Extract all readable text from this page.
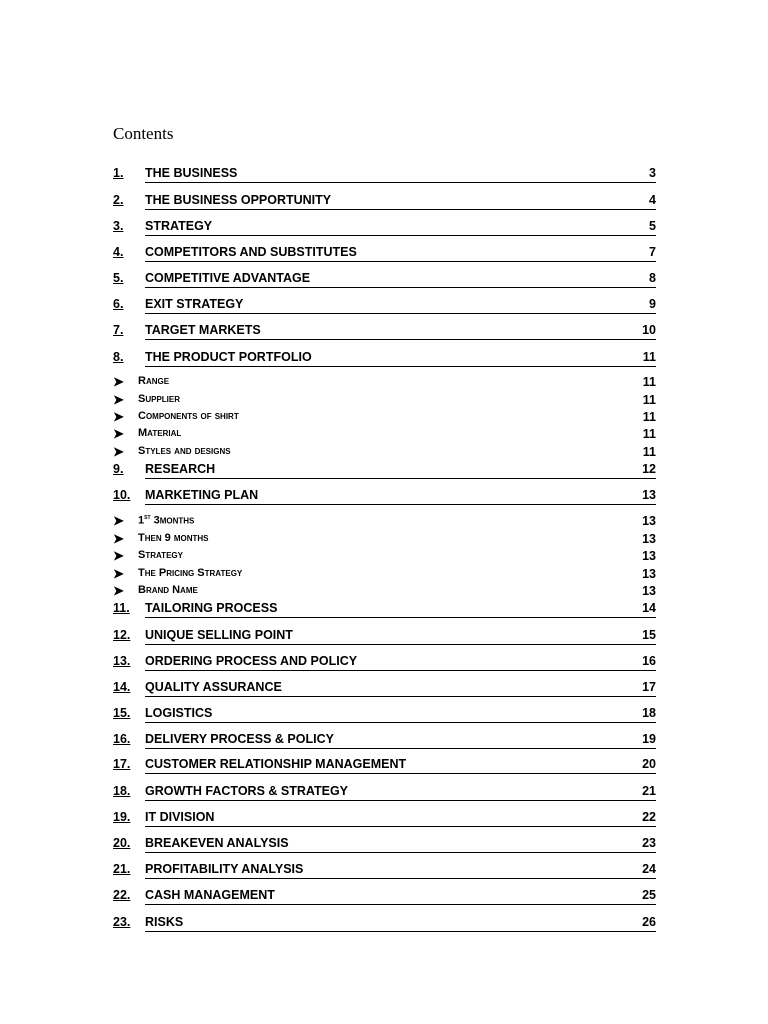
Contents
1. THE BUSINESS	3
2. THE BUSINESS OPPORTUNITY	4
3. STRATEGY	5
4. COMPETITORS AND SUBSTITUTES	7
5. COMPETITIVE ADVANTAGE	8
6. EXIT STRATEGY	9
7. TARGET MARKETS	10
8. THE PRODUCT PORTFOLIO	11
➤ Range	11
➤ Supplier	11
➤ Components of shirt	11
➤ Material	11
➤ Styles and designs	11
9. RESEARCH	12
10. MARKETING PLAN	13
➤ 1st 3months	13
➤ Then 9 months	13
➤ Strategy	13
➤ The Pricing Strategy	13
➤ Brand Name	13
11. TAILORING PROCESS	14
12. UNIQUE SELLING POINT	15
13. ORDERING PROCESS AND POLICY	16
14. QUALITY ASSURANCE	17
15. LOGISTICS	18
16. DELIVERY PROCESS & POLICY	19
17. CUSTOMER RELATIONSHIP MANAGEMENT	20
18. GROWTH FACTORS & STRATEGY	21
19. IT DIVISION	22
20. BREAKEVEN ANALYSIS	23
21. PROFITABILITY ANALYSIS	24
22. CASH MANAGEMENT	25
23. RISKS	26
